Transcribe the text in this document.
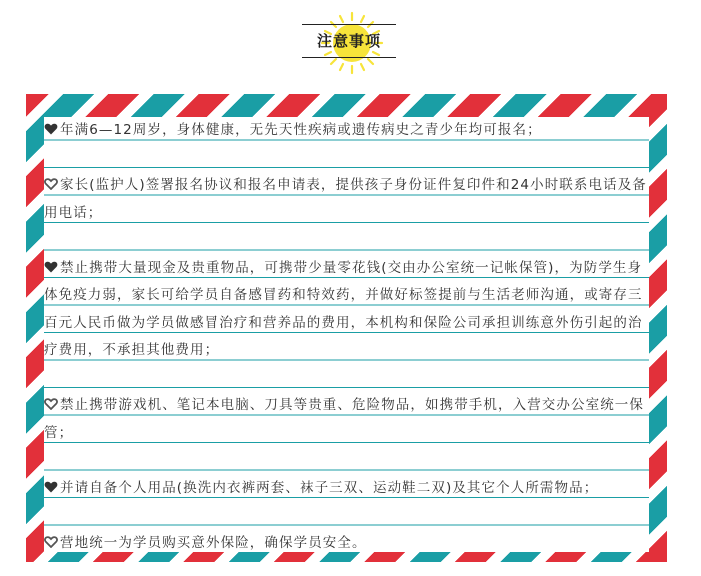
注意事项
年满6—12周岁，身体健康，无先天性疾病或遗传病史之青少年均可报名；
家长(监护人)签署报名协议和报名申请表，提供孩子身份证件复印件和24小时联系电话及备用电话；
禁止携带大量现金及贵重物品，可携带少量零花钱(交由办公室统一记帐保管)，为防学生身体免疫力弱，家长可给学员自备感冒药和特效药，并做好标签提前与生活老师沟通，或寄存三百元人民币做为学员做感冒治疗和营养品的费用，本机构和保险公司承担训练意外伤引起的治疗费用，不承担其他费用；
禁止携带游戏机、笔记本电脑、刀具等贵重、危险物品，如携带手机，入营交办公室统一保管；
并请自备个人用品(换洗内衣裤两套、袜子三双、运动鞋二双)及其它个人所需物品；
营地统一为学员购买意外保险，确保学员安全。
